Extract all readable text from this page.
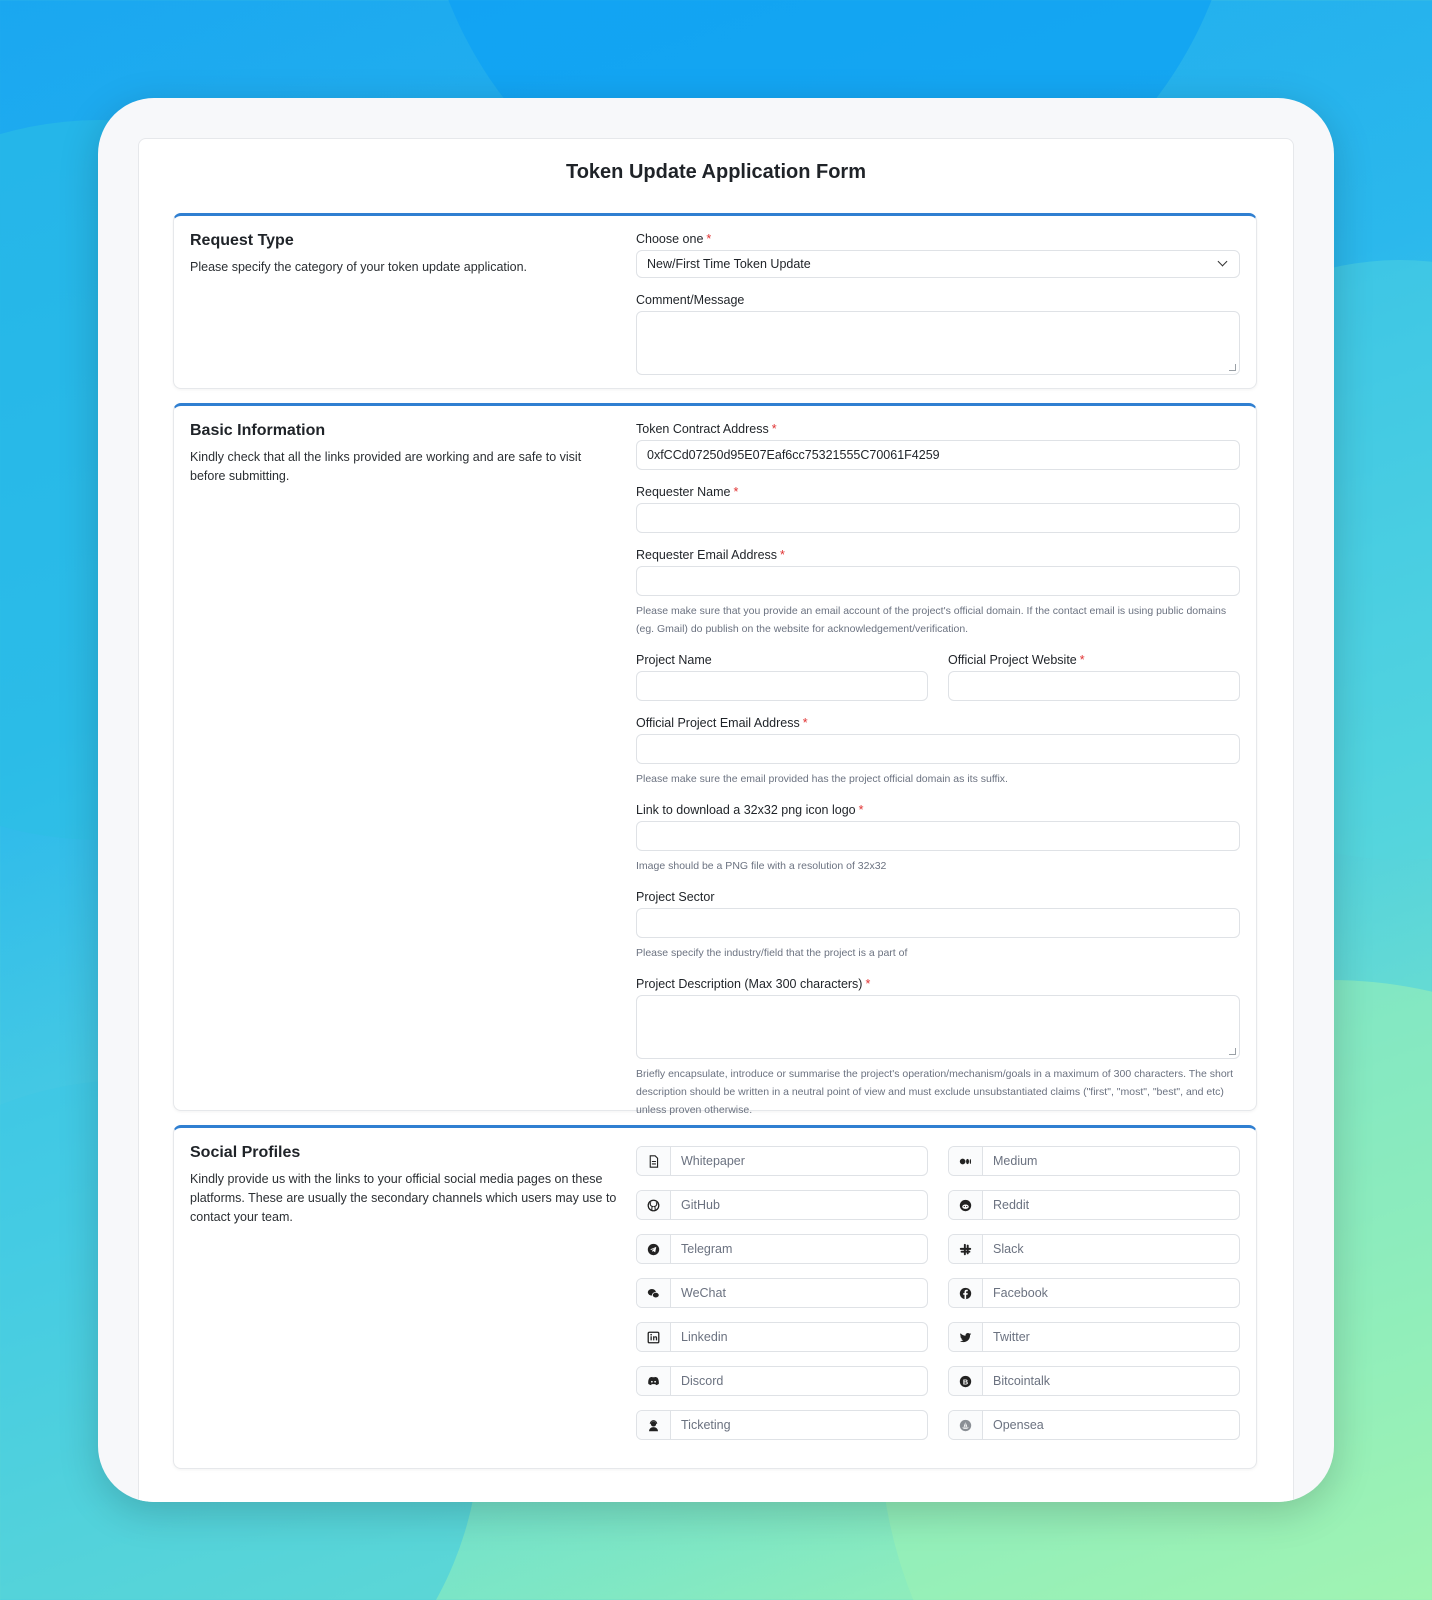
Token Update Application Form
Request Type
Please specify the category of your token update application.
Choose one *
New/First Time Token Update
Comment/Message
Basic Information
Kindly check that all the links provided are working and are safe to visit before submitting.
Token Contract Address *
0xfCCd07250d95E07Eaf6cc75321555C70061F4259
Requester Name *
Requester Email Address *
Please make sure that you provide an email account of the project's official domain. If the contact email is using public domains (eg. Gmail) do publish on the website for acknowledgement/verification.
Project Name	Official Project Website *
Official Project Email Address *
Please make sure the email provided has the project official domain as its suffix.
Link to download a 32x32 png icon logo *
Image should be a PNG file with a resolution of 32x32
Project Sector
Please specify the industry/field that the project is a part of
Project Description (Max 300 characters) *
Briefly encapsulate, introduce or summarise the project's operation/mechanism/goals in a maximum of 300 characters. The short description should be written in a neutral point of view and must exclude unsubstantiated claims ("first", "most", "best", and etc) unless proven otherwise.
Social Profiles
Kindly provide us with the links to your official social media pages on these platforms. These are usually the secondary channels which users may use to contact your team.
Whitepaper	Medium
GitHub	Reddit
Telegram	Slack
WeChat	Facebook
Linkedin	Twitter
Discord	B	Bitcointalk
Ticketing	Opensea
